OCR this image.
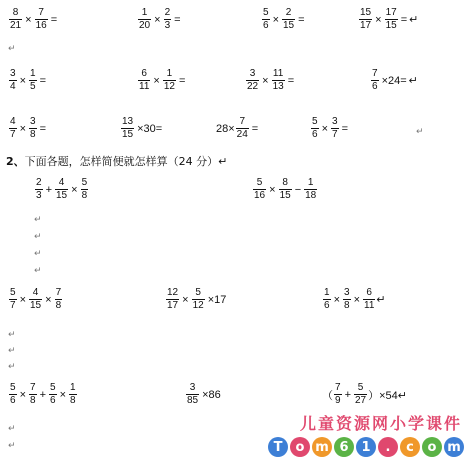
$\frac{8}{21} \times \frac{7}{16}$ =	$\frac{1}{20} \times \frac{2}{3}$ =	$\frac{5}{6} \times \frac{2}{15}$ =	$\frac{15}{17} \times \frac{17}{15}$ = ↵
↵
$\frac{3}{4} \times \frac{1}{5}$ =	$\frac{6}{11} \times \frac{1}{12}$ =	$\frac{3}{22} \times \frac{11}{13}$ =	$\frac{7}{6} \times 24=$ ↵
$\frac{4}{7} \times \frac{3}{8}$ =	$\frac{13}{15} \times 30=$	$28\times \frac{7}{24}$ =	$\frac{5}{6} \times \frac{3}{7}$ =	↵
2、下面各题，怎样简便就怎样算（24 分）↵
$\frac{2}{3} + \frac{4}{15} \times \frac{5}{8}$	$\frac{5}{16} \times \frac{8}{15} - \frac{1}{18}$
↵
↵
↵
↵
$\frac{5}{7} \times \frac{4}{15} \times \frac{7}{8}$	$\frac{12}{17} \times \frac{5}{12} \times 17$	$\frac{1}{6} \times \frac{3}{8} \times \frac{6}{11}$ ↵
↵
↵
↵
$\frac{5}{6} \times \frac{7}{8} + \frac{5}{6} \times \frac{1}{8}$	$\frac{3}{85} \times 86$	（ $\frac{7}{9} + \frac{5}{27}$ ）×54↵
↵
↵
儿童资源网小学课件
T	o m 6 1	.	c	o m
